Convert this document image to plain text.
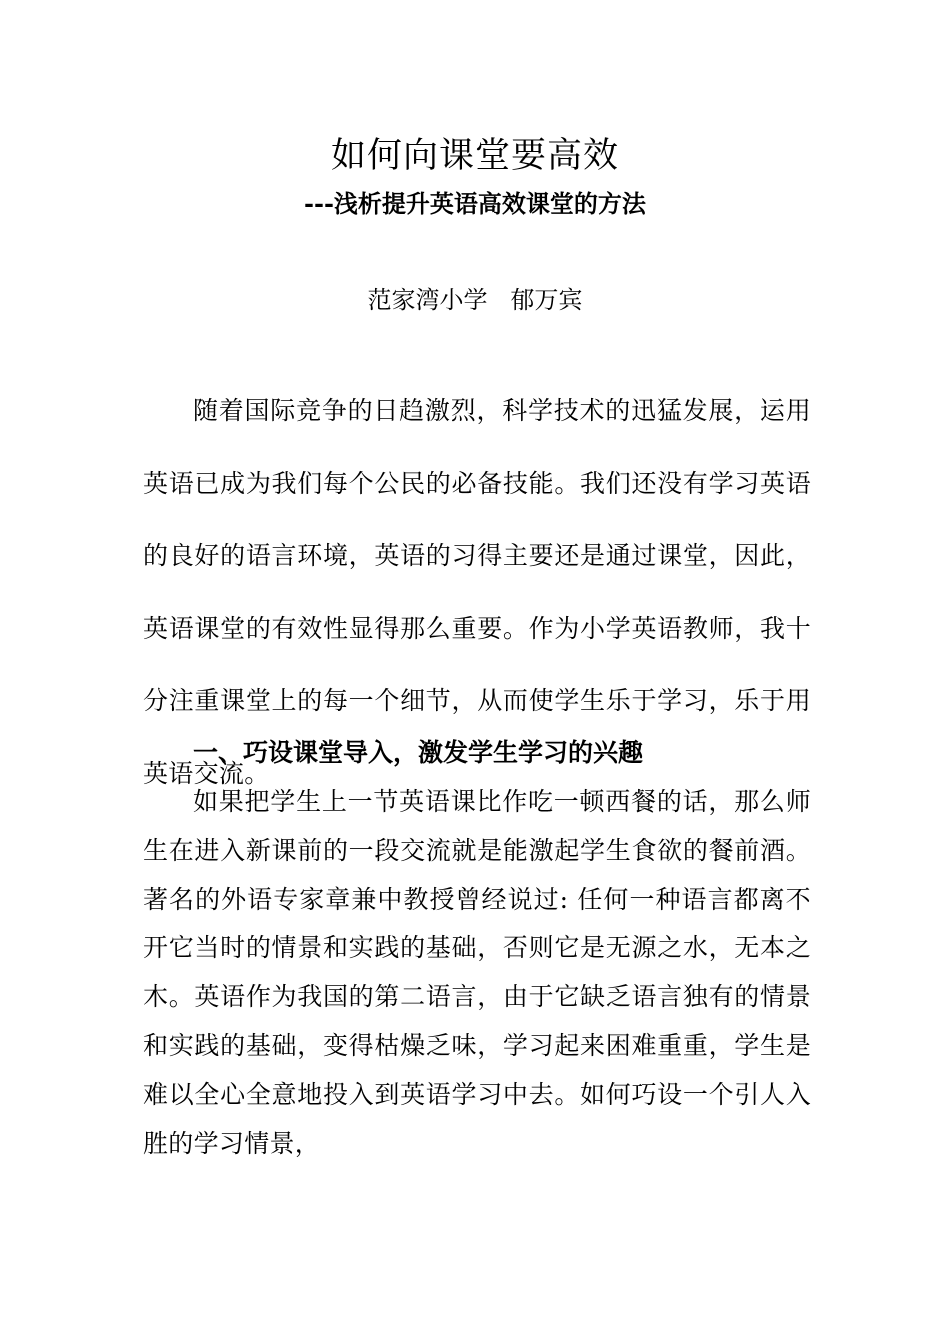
如何向课堂要高效
---浅析提升英语高效课堂的方法

范家湾小学   郁万宾

随着国际竞争的日趋激烈，科学技术的迅猛发展，运用英语已成为我们每个公民的必备技能。我们还没有学习英语的良好的语言环境，英语的习得主要还是通过课堂，因此，英语课堂的有效性显得那么重要。作为小学英语教师，我十分注重课堂上的每一个细节，从而使学生乐于学习，乐于用英语交流。

一、巧设课堂导入，激发学生学习的兴趣

如果把学生上一节英语课比作吃一顿西餐的话，那么师生在进入新课前的一段交流就是能激起学生食欲的餐前酒。著名的外语专家章兼中教授曾经说过: 任何一种语言都离不开它当时的情景和实践的基础，否则它是无源之水，无本之木。英语作为我国的第二语言，由于它缺乏语言独有的情景和实践的基础，变得枯燥乏味，学习起来困难重重，学生是难以全心全意地投入到英语学习中去。如何巧设一个引人入胜的学习情景，
